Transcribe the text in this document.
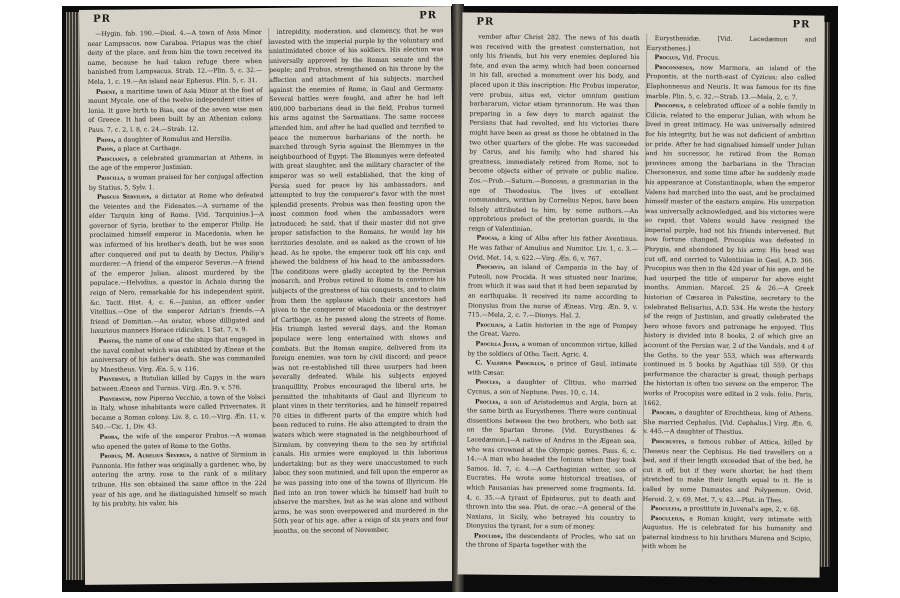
PR	PR

—Hygin. fab. 190.—Diod. 4.—A town of Asia Minor near Lampsacus, now Caraboa. Priapus was the chief deity of the place, and from him the town received its name, because he had taken refuge there when banished from Lampsacus. Strab. 12.—Plin. 5, c. 32.—Mela, 1, c. 19.—An island near Ephesus. Plin. 5, c. 31.

Priene, a maritime town of Asia Minor at the foot of mount Mycale, one of the twelve independent cities of Ionia. It gave birth to Bias, one of the seven wise men of Greece. It had been built by an Athenian colony. Paus. 7, c. 2, l. 8, c. 24.—Strab. 12.

Prima, a daughter of Romulus and Hersilia.

Prion, a place at Carthage.

Priscianus, a celebrated grammarian at Athens, in the age of the emperor Justinian.

Priscilla, a woman praised for her conjugal affection by Statius, 5, Sylv. 1.

Priscus Servilius, a dictator at Rome who defeated the Veientes and the Fidenates.—A surname of the elder Tarquin king of Rome. [Vid. Tarquinius.]—A governor of Syria, brother to the emperor Philip. He proclaimed himself emperor in Macedonia, when he was informed of his brother's death, but he was soon after conquered and put to death by Decius, Philip's murderer.—A friend of the emperor Severus.—A friend of the emperor Julian, almost murdered by the populace.—Helvidius, a questor in Achaia during the reign of Nero, remarkable for his independent spirit, &c. Tacit. Hist. 4, c. 6.—Junius, an officer under Vitellius.—One of the emperor Adrian's friends.—A friend of Domitian.—An orator, whose dilligated and luxurious manners Horace ridicules, 1 Sat. 7, v. 9.

Pristis, the name of one of the ships that engaged in the naval combat which was exhibited by Æneas at the anniversary of his father's death. She was commanded by Mnestheus. Virg. Æn. 5, v. 116.

Privernus, a Rutulian killed by Capys in the wars between Æneas and Turnus. Virg. Æn. 9, v. 576.

Privernum, now Piperno Vecchio, a town of the Volsci in Italy, whose inhabitants were called Privernates. It became a Roman colony. Liv. 8, c. 10.—Virg. Æn. 11, v. 540.—Cic. 1, Div. 43.

Proba, the wife of the emperor Probus.—A woman who opened the gates of Rome to the Goths.

Probus, M. Aurelius Severus, a native of Sirmium in Pannonia. His father was originally a gardener, who, by entering the army, rose to the rank of a military tribune. His son obtained the same office in the 22d year of his age, and he distinguished himself so much by his probity, his valor, his

intrepidity, moderation, and clemency, that he was invested with the imperial purple by the voluntary and unintimidated choice of his soldiers. His election was universally approved by the Roman senate and the people; and Probus, strengthened on his throne by the affection and attachment of his subjects, marched against the enemies of Rome, in Gaul and Germany. Several battles were fought, and after he had left 400,000 barbarians dead in the field, Probus turned his arms against the Sarmatians. The same success attended him, and after he had quelled and terrified to peace the numerous barbarians of the north, he marched through Syria against the Blemmyes in the neighbourhood of Egypt. The Blemmyes were defeated with great slaughter, and the military character of the emperor was so well established, that the king of Persia sued for peace by his ambassadors, and attempted to buy the conqueror's favor with the most splendid presents. Probus was then feasting upon the most common food when the ambassadors were introduced; he said, that if their master did not give proper satisfaction to the Romans, he would lay his territories desolate, and as naked as the crown of his head. As he spoke, the emperor took off his cap, and shewed the baldness of his head to the ambassadors. The conditions were gladly accepted by the Persian monarch, and Probus retired to Rome to convince his subjects of the greatness of his conquests, and to claim from them the applause which their ancestors had given to the conqueror of Macedonia or the destroyer of Carthage, as he passed along the streets of Rome. His triumph lasted several days, and the Roman populace were long entertained with shows and combats. But the Roman empire, delivered from its foreign enemies, was torn by civil discord; and peace was not re-established till three usurpers had been severally defeated. While his subjects enjoyed tranquillity, Probus encouraged the liberal arts, he permitted the inhabitants of Gaul and Illyricum to plant vines in their territories, and he himself repaired 70 cities in different parts of the empire which had been reduced to ruins. He also attempted to drain the waters which were stagnated in the neighbourhood of Sirmium, by conveying them to the sea by artificial canals. His armies were employed in this laborious undertaking; but as they were unaccustomed to such labor, they soon mutinied, and fell upon the emperor as he was passing into one of the towns of Illyricum. He fled into an iron tower which he himself had built to observe the marshes, but as he was alone and without arms, he was soon overpowered and murdered in the 50th year of his age, after a reign of six years and four months, on the second of November,

PR	PR

vember after Christ 282. The news of his death was received with the greatest consternation, not only his friends, but his very enemies deplored his fate, and even the army, which had been concerned in his fall, erected a monument over his body, and placed upon it this inscription: Hic Probus imperator, vere probus, situs est, victor omnium gentium barbararum, victor etiam tyrannorum. He was then preparing in a few days to march against the Persians that had revolted, and his victories there might have been as great as those he obtained in the two other quarters of the globe. He was succeeded by Carus, and his family, who had shared his greatness, immediately retired from Rome, not to become objects either of private or public malice. Zos.—Prob.—Saturn.—Bonosus, a grammarian in the age of Theodosius. The lives of excellent commanders, written by Cornelius Nepos, have been falsely attributed to him, by some authors.—An opprobrious prefect of the pretorian guards, in the reign of Valentinian.

Procas, a king of Alba after his father Aventinus. He was father of Amulius and Numitor. Liv. 1, c. 3.—Ovid. Met. 14, v. 622.—Virg. Æn. 6, v. 767.

Prochyta, an island of Campania in the bay of Puteoli, now Procida. It was situated near Inarime, from which it was said that it had been separated by an earthquake. It received its name according to Dionysius from the nurse of Æneas. Virg. Æn. 9, v. 715.—Mela, 2, c. 7.—Dionys. Hal. 2.

Procilius, a Latin historian in the age of Pompey the Great. Varro.

Procilla Julia, a woman of uncommon virtue, killed by the soldiers of Otho. Tacit. Agric. 4.

C. Valerius Procillus, a prince of Gaul, intimate with Cæsar.

Procles, a daughter of Clitius, who married Cycnus, a son of Neptune. Paus. 10, c. 14.

Procles, a son of Aristodemus and Argia, born at the same birth as Eurysthenes. There were continual dissentions between the two brothers, who both sat on the Spartan throne. [Vid. Eurysthenes & Lacedæmon.]—A native of Andros in the Ægean sea, who was crowned at the Olympic games. Paus. 6, c. 14.—A man who headed the Ionians when they took Samos. Id. 7, c. 4.—A Carthaginian writer, son of Eucrates. He wrote some historical treatises, of which Pausanias has preserved some fragments. Id. 4, c. 35.—A tyrant of Epidaurus, put to death and thrown into the sea. Plut. de orac.—A general of the Naxians, in Sicily, who betrayed his country to Dionysius the tyrant, for a sum of money.

Proclidæ, the descendants of Procles, who sat on the throne of Sparta together with the

Eurysthenidæ. [Vid. Lacedæmon and Eurysthenes.]

Proclus, Vid. Procus.

Proconnesus, now Marmora, an island of the Propontis, at the north-east of Cyzicus; also called Elaphonnesus and Neuris. It was famous for its fine marble. Plin. 5, c. 32.—Strab. 13.—Mela, 2, c. 7.

Procopius, a celebrated officer of a noble family in Cilicia, related to the emperor Julian, with whom he lived in great intimacy. He was universally admired for his integrity, but he was not deficient of ambition or pride. After he had signalised himself under Julian and his successor, he retired from the Roman provinces among the barbarians in the Thracian Chersonesus, and some time after he suddenly made his appearance at Constantinople, when the emperor Valens had marched into the east, and he proclaimed himself master of the eastern empire. His usurpation was universally acknowledged, and his victories were so rapid, that Valens would have resigned the imperial purple, had not his friends intervened. But now fortune changed, Procopius was defeated in Phrygia, and abandoned by his army. His head was cut off, and carried to Valentinian in Gaul, A.D. 366. Procopius was then in the 42d year of his age, and he had usurped the title of emperor for above eight months. Ammian. Marcel. 25 & 26.—A Greek historian of Cæsarea in Palestine, secretary to the celebrated Belisarius, A.D. 534. He wrote the history of the reign of Justinian, and greatly celebrated the hero whose favors and patronage he enjoyed. This history is divided into 8 books, 2 of which give an account of the Persian war, 2 of the Vandals, and 4 of the Goths, to the year 553, which was afterwards continued in 5 books by Agathias till 559. Of this performance the character is great, though perhaps the historian is often too severe on the emperor. The works of Procopius were edited in 2 vols. folio. Paris, 1662.

Procris, a daughter of Erechtheus, king of Athens. She married Cephalus. [Vid. Cephalus.] Virg. Æn. 6, v. 445.—A daughter of Thestius.

Procrustes, a famous robber of Attica, killed by Theseus near the Cephisus. He tied travellers on a bed, and if their length exceeded that of the bed, he cut it off, but if they were shorter, he had them stretched to make their length equal to it. He is called by some Damastes and Polypemon. Ovid. Heroid. 2, v. 69. Met. 7, v. 43.—Plut. in Thes.

Proculeia, a prostitute in Juvenal's age, 2, v. 68.

Proculeius, a Roman knight, very intimate with Augustus. He is celebrated for his humanity and paternal kindness to his brothers Murena and Scipio, with whom he
